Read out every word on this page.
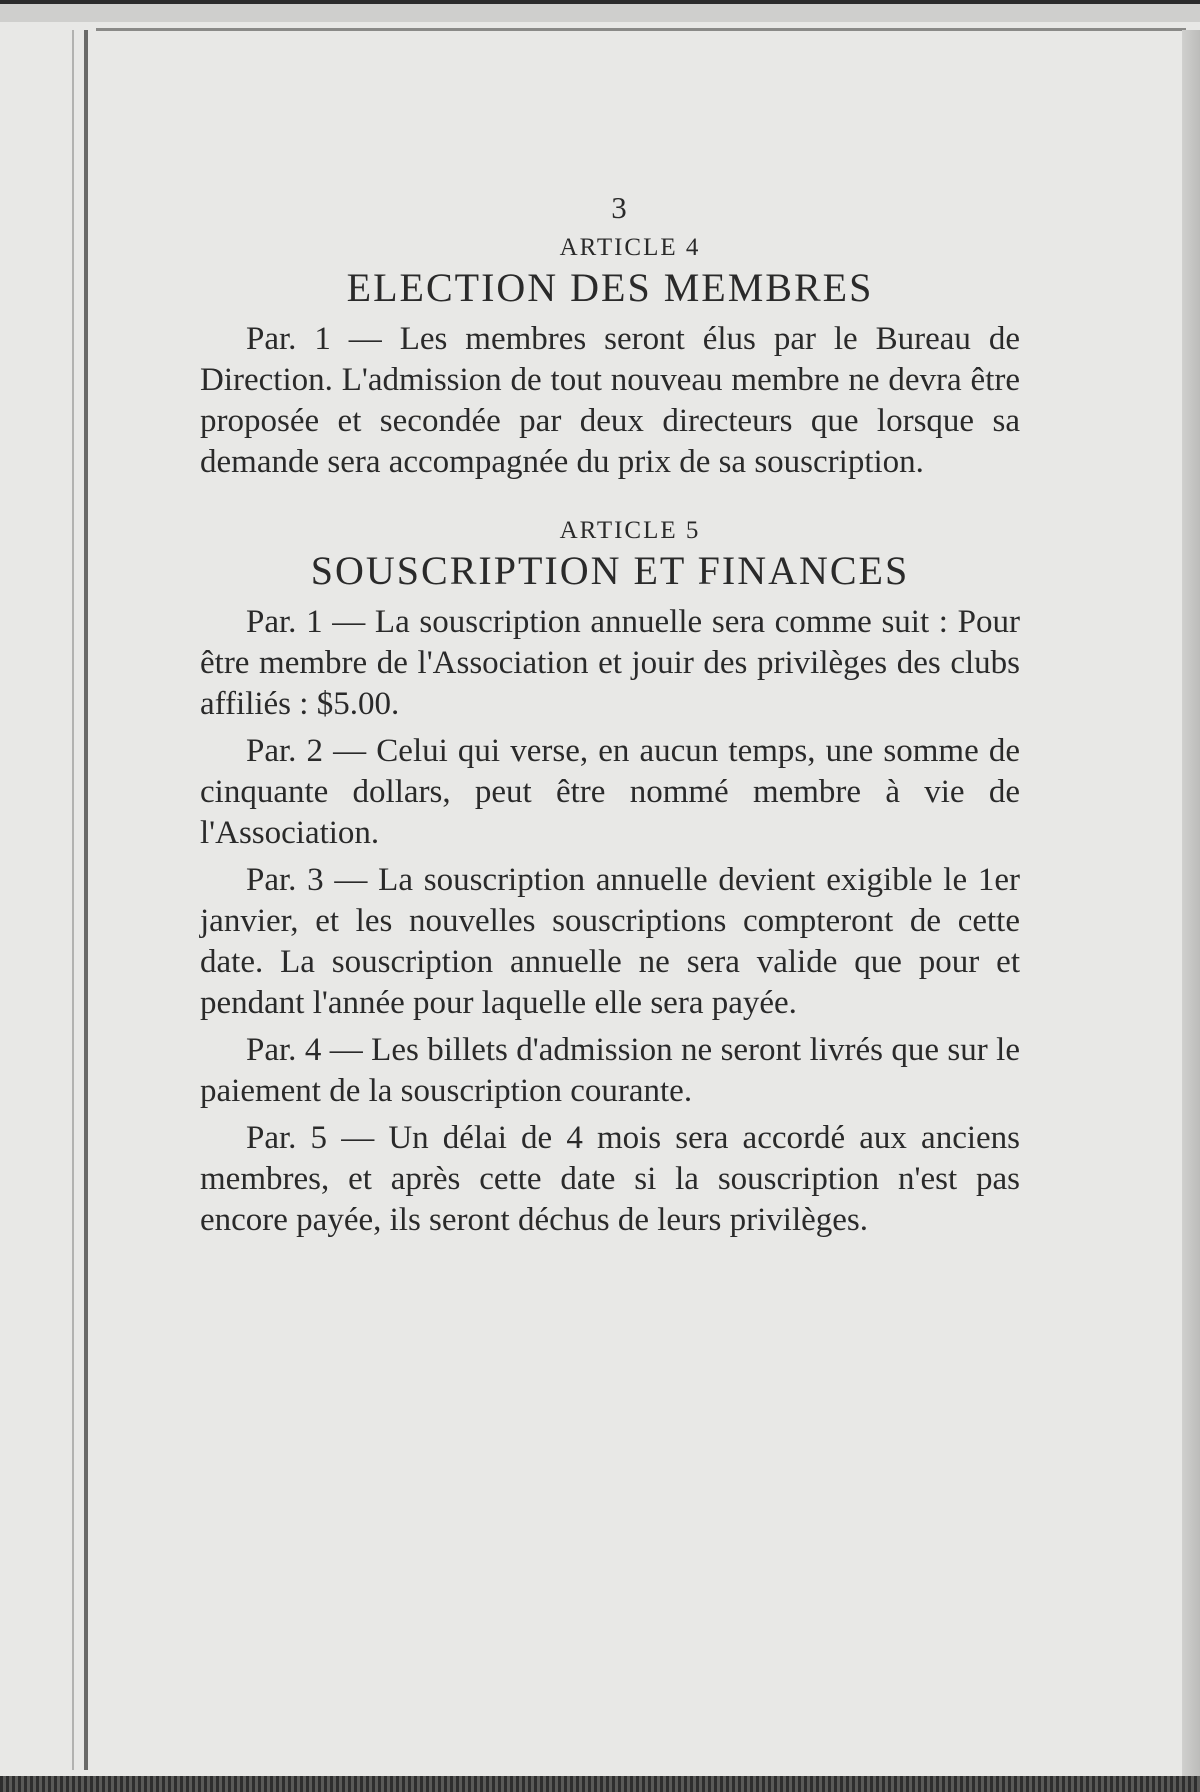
3
ARTICLE 4
ELECTION DES MEMBRES

Par. 1 — Les membres seront élus par le Bureau de Direction. L'admission de tout nouveau membre ne devra être proposée et secondée par deux directeurs que lorsque sa demande sera accompagnée du prix de sa souscription.

ARTICLE 5
SOUSCRIPTION ET FINANCES

Par. 1 — La souscription annuelle sera comme suit : Pour être membre de l'Association et jouir des privilèges des clubs affiliés : $5.00.

Par. 2 — Celui qui verse, en aucun temps, une somme de cinquante dollars, peut être nommé membre à vie de l'Association.

Par. 3 — La souscription annuelle devient exigible le 1er janvier, et les nouvelles souscriptions compteront de cette date. La souscription annuelle ne sera valide que pour et pendant l'année pour laquelle elle sera payée.

Par. 4 — Les billets d'admission ne seront livrés que sur le paiement de la souscription courante.

Par. 5 — Un délai de 4 mois sera accordé aux anciens membres, et après cette date si la souscription n'est pas encore payée, ils seront déchus de leurs privilèges.
